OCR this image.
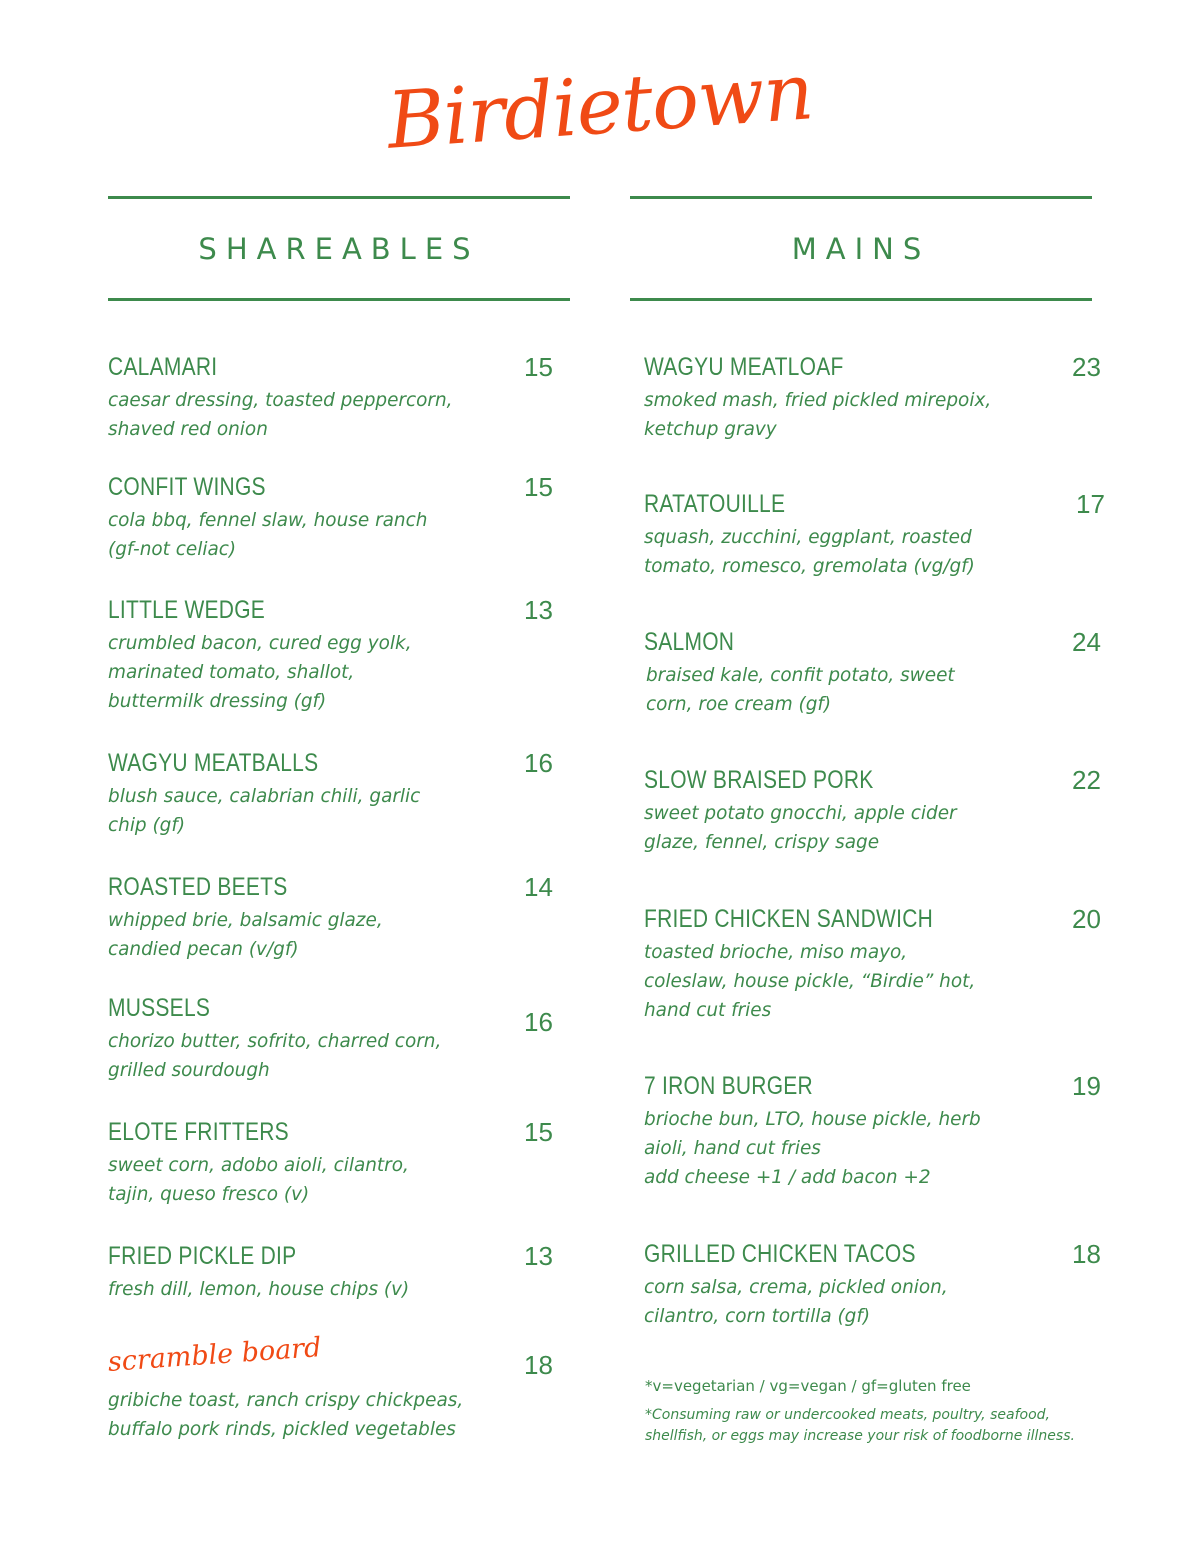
Birdietown
SHAREABLES
CALAMARI	15
caesar dressing, toasted peppercorn,
shaved red onion
CONFIT WINGS	15
cola bbq, fennel slaw, house ranch
(gf-not celiac)
LITTLE WEDGE	13
crumbled bacon, cured egg yolk,
marinated tomato, shallot,
buttermilk dressing (gf)
WAGYU MEATBALLS	16
blush sauce, calabrian chili, garlic
chip (gf)
ROASTED BEETS	14
whipped brie, balsamic glaze,
candied pecan (v/gf)
MUSSELS	16
chorizo butter, sofrito, charred corn,
grilled sourdough
ELOTE FRITTERS	15
sweet corn, adobo aioli, cilantro,
tajin, queso fresco (v)
FRIED PICKLE DIP	13
fresh dill, lemon, house chips (v)
scramble board	18
gribiche toast, ranch crispy chickpeas,
buffalo pork rinds, pickled vegetables
MAINS
WAGYU MEATLOAF	23
smoked mash, fried pickled mirepoix,
ketchup gravy
RATATOUILLE	17
squash, zucchini, eggplant, roasted
tomato, romesco, gremolata (vg/gf)
SALMON	24
braised kale, confit potato, sweet
corn, roe cream (gf)
SLOW BRAISED PORK	22
sweet potato gnocchi, apple cider
glaze, fennel, crispy sage
FRIED CHICKEN SANDWICH	20
toasted brioche, miso mayo,
coleslaw, house pickle, “Birdie” hot,
hand cut fries
7 IRON BURGER	19
brioche bun, LTO, house pickle, herb
aioli, hand cut fries
add cheese +1 / add bacon +2
GRILLED CHICKEN TACOS	18
corn salsa, crema, pickled onion,
cilantro, corn tortilla (gf)
*v=vegetarian / vg=vegan / gf=gluten free
*Consuming raw or undercooked meats, poultry, seafood,
shellfish, or eggs may increase your risk of foodborne illness.
